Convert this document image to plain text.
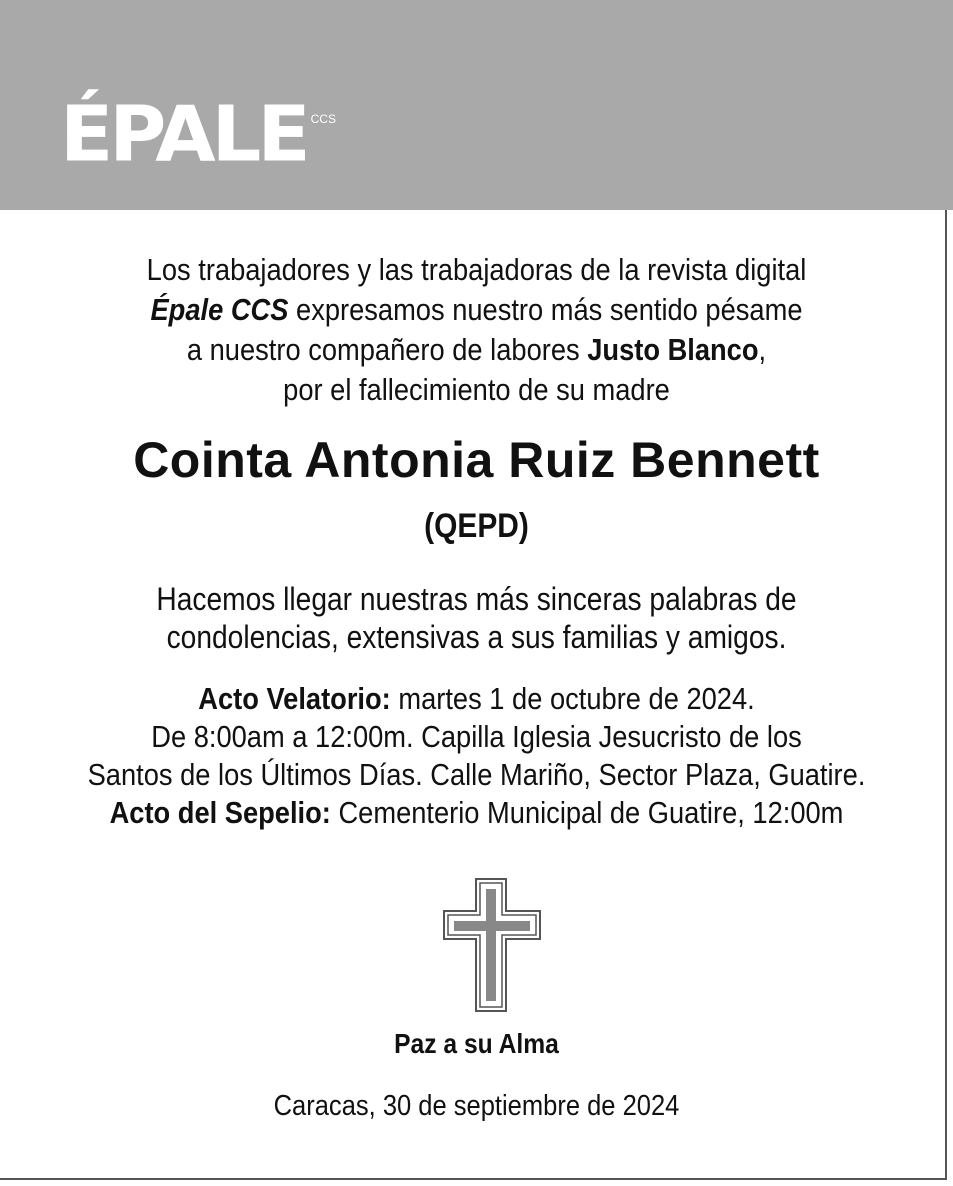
ÉPALE CCS
Los trabajadores y las trabajadoras de la revista digital
Épale CCS expresamos nuestro más sentido pésame
a nuestro compañero de labores Justo Blanco,
por el fallecimiento de su madre
Cointa Antonia Ruiz Bennett
(QEPD)
Hacemos llegar nuestras más sinceras palabras de
condolencias, extensivas a sus familias y amigos.
Acto Velatorio: martes 1 de octubre de 2024.
De 8:00am a 12:00m. Capilla Iglesia Jesucristo de los
Santos de los Últimos Días. Calle Mariño, Sector Plaza, Guatire.
Acto del Sepelio: Cementerio Municipal de Guatire, 12:00m
Paz a su Alma
Caracas, 30 de septiembre de 2024
